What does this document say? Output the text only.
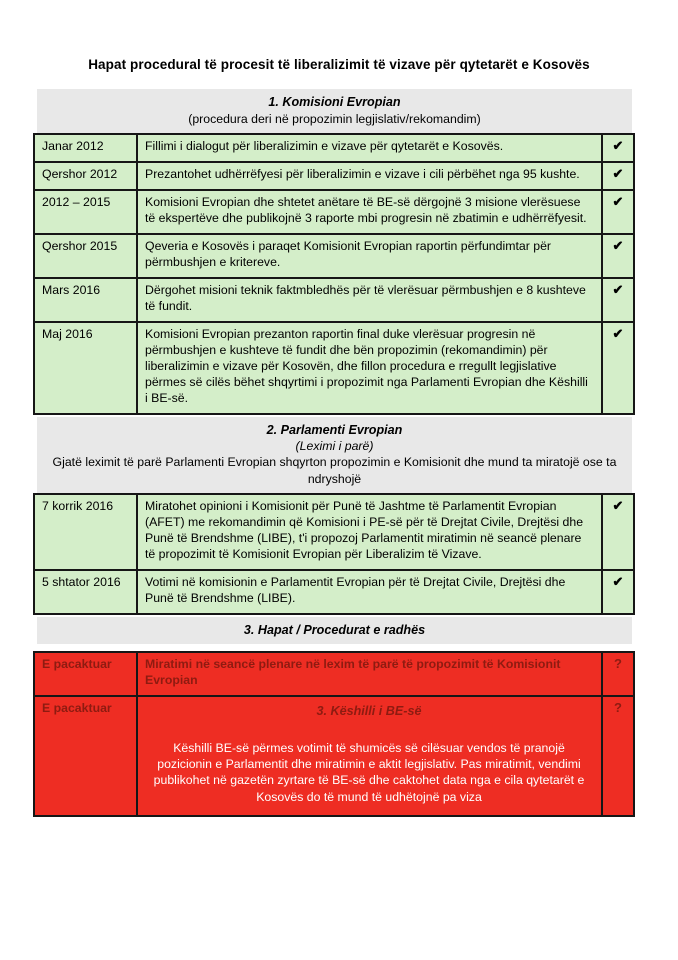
Hapat procedural të procesit të liberalizimit të vizave për qytetarët e Kosovës
1. Komisioni Evropian
(procedura deri në propozimin legjislativ/rekomandim)
Janar 2012	Fillimi i dialogut për liberalizimin e vizave për qytetarët e Kosovës.	✔
Qershor 2012	Prezantohet udhërrëfyesi për liberalizimin e vizave i cili përbëhet nga 95 kushte.	✔
2012 – 2015	Komisioni Evropian dhe shtetet anëtare të BE-së dërgojnë 3 misione vlerësuese të ekspertëve dhe publikojnë 3 raporte mbi progresin në zbatimin e udhërrëfyesit.	✔
Qershor 2015	Qeveria e Kosovës i paraqet Komisionit Evropian raportin përfundimtar për përmbushjen e kritereve.	✔
Mars 2016	Dërgohet misioni teknik faktmbledhës për të vlerësuar përmbushjen e 8 kushteve të fundit.	✔
Maj 2016	Komisioni Evropian prezanton raportin final duke vlerësuar progresin në përmbushjen e kushteve të fundit dhe bën propozimin (rekomandimin) për liberalizimin e vizave për Kosovën, dhe fillon procedura e rregullt legjislative përmes së cilës bëhet shqyrtimi i propozimit nga Parlamenti Evropian dhe Këshilli i BE-së.	✔
2. Parlamenti Evropian
(Leximi i parë)
Gjatë leximit të parë Parlamenti Evropian shqyrton propozimin e Komisionit dhe mund ta miratojë ose ta ndryshojë
7 korrik 2016	Miratohet opinioni i Komisionit për Punë të Jashtme të Parlamentit Evropian (AFET) me rekomandimin që Komisioni i PE-së për të Drejtat Civile, Drejtësi dhe Punë të Brendshme (LIBE), t'i propozoj Parlamentit miratimin në seancë plenare të propozimit të Komisionit Evropian për Liberalizim të Vizave.	✔
5 shtator 2016	Votimi në komisionin e Parlamentit Evropian për të Drejtat Civile, Drejtësi dhe Punë të Brendshme (LIBE).	✔
3. Hapat / Procedurat e radhës
E pacaktuar	Miratimi në seancë plenare në lexim të parë të propozimit të Komisionit Evropian	?
E pacaktuar	3. Këshilli i BE-së
Këshilli BE-së përmes votimit të shumicës së cilësuar vendos të pranojë pozicionin e Parlamentit dhe miratimin e aktit legjislativ. Pas miratimit, vendimi publikohet në gazetën zyrtare të BE-së dhe caktohet data nga e cila qytetarët e Kosovës do të mund të udhëtojnë pa viza	?
